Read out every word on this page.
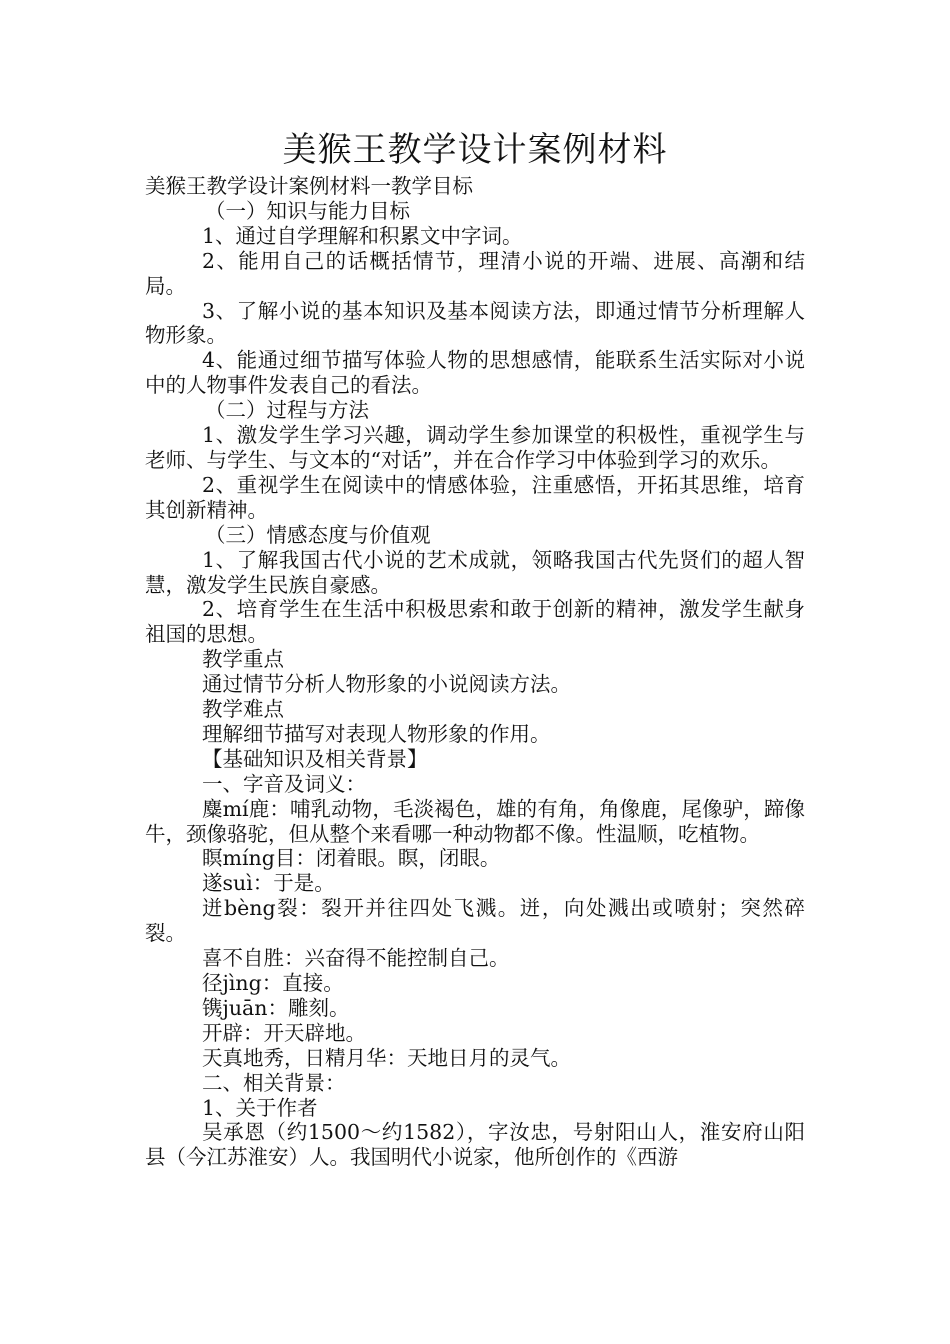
美猴王教学设计案例材料

美猴王教学设计案例材料一教学目标

（一）知识与能力目标

1、通过自学理解和积累文中字词。

2、能用自己的话概括情节，理清小说的开端、进展、高潮和结局。

3、了解小说的基本知识及基本阅读方法，即通过情节分析理解人物形象。

4、能通过细节描写体验人物的思想感情，能联系生活实际对小说中的人物事件发表自己的看法。

（二）过程与方法

1、激发学生学习兴趣，调动学生参加课堂的积极性，重视学生与老师、与学生、与文本的“对话”，并在合作学习中体验到学习的欢乐。

2、重视学生在阅读中的情感体验，注重感悟，开拓其思维，培育其创新精神。

（三）情感态度与价值观

1、了解我国古代小说的艺术成就，领略我国古代先贤们的超人智慧，激发学生民族自豪感。

2、培育学生在生活中积极思索和敢于创新的精神，激发学生献身祖国的思想。

教学重点

通过情节分析人物形象的小说阅读方法。

教学难点

理解细节描写对表现人物形象的作用。

【基础知识及相关背景】

一、字音及词义：

麋mí鹿：哺乳动物，毛淡褐色，雄的有角，角像鹿，尾像驴，蹄像牛，颈像骆驼，但从整个来看哪一种动物都不像。性温顺，吃植物。

瞑míng目：闭着眼。瞑，闭眼。

遂suì：于是。

迸bèng裂：裂开并往四处飞溅。迸，向处溅出或喷射；突然碎裂。

喜不自胜：兴奋得不能控制自己。

径jìng：直接。

镌juān：雕刻。

开辟：开天辟地。

天真地秀，日精月华：天地日月的灵气。

二、相关背景：

1、关于作者

吴承恩（约1500～约1582），字汝忠，号射阳山人，淮安府山阳县（今江苏淮安）人。我国明代小说家，他所创作的《西游
